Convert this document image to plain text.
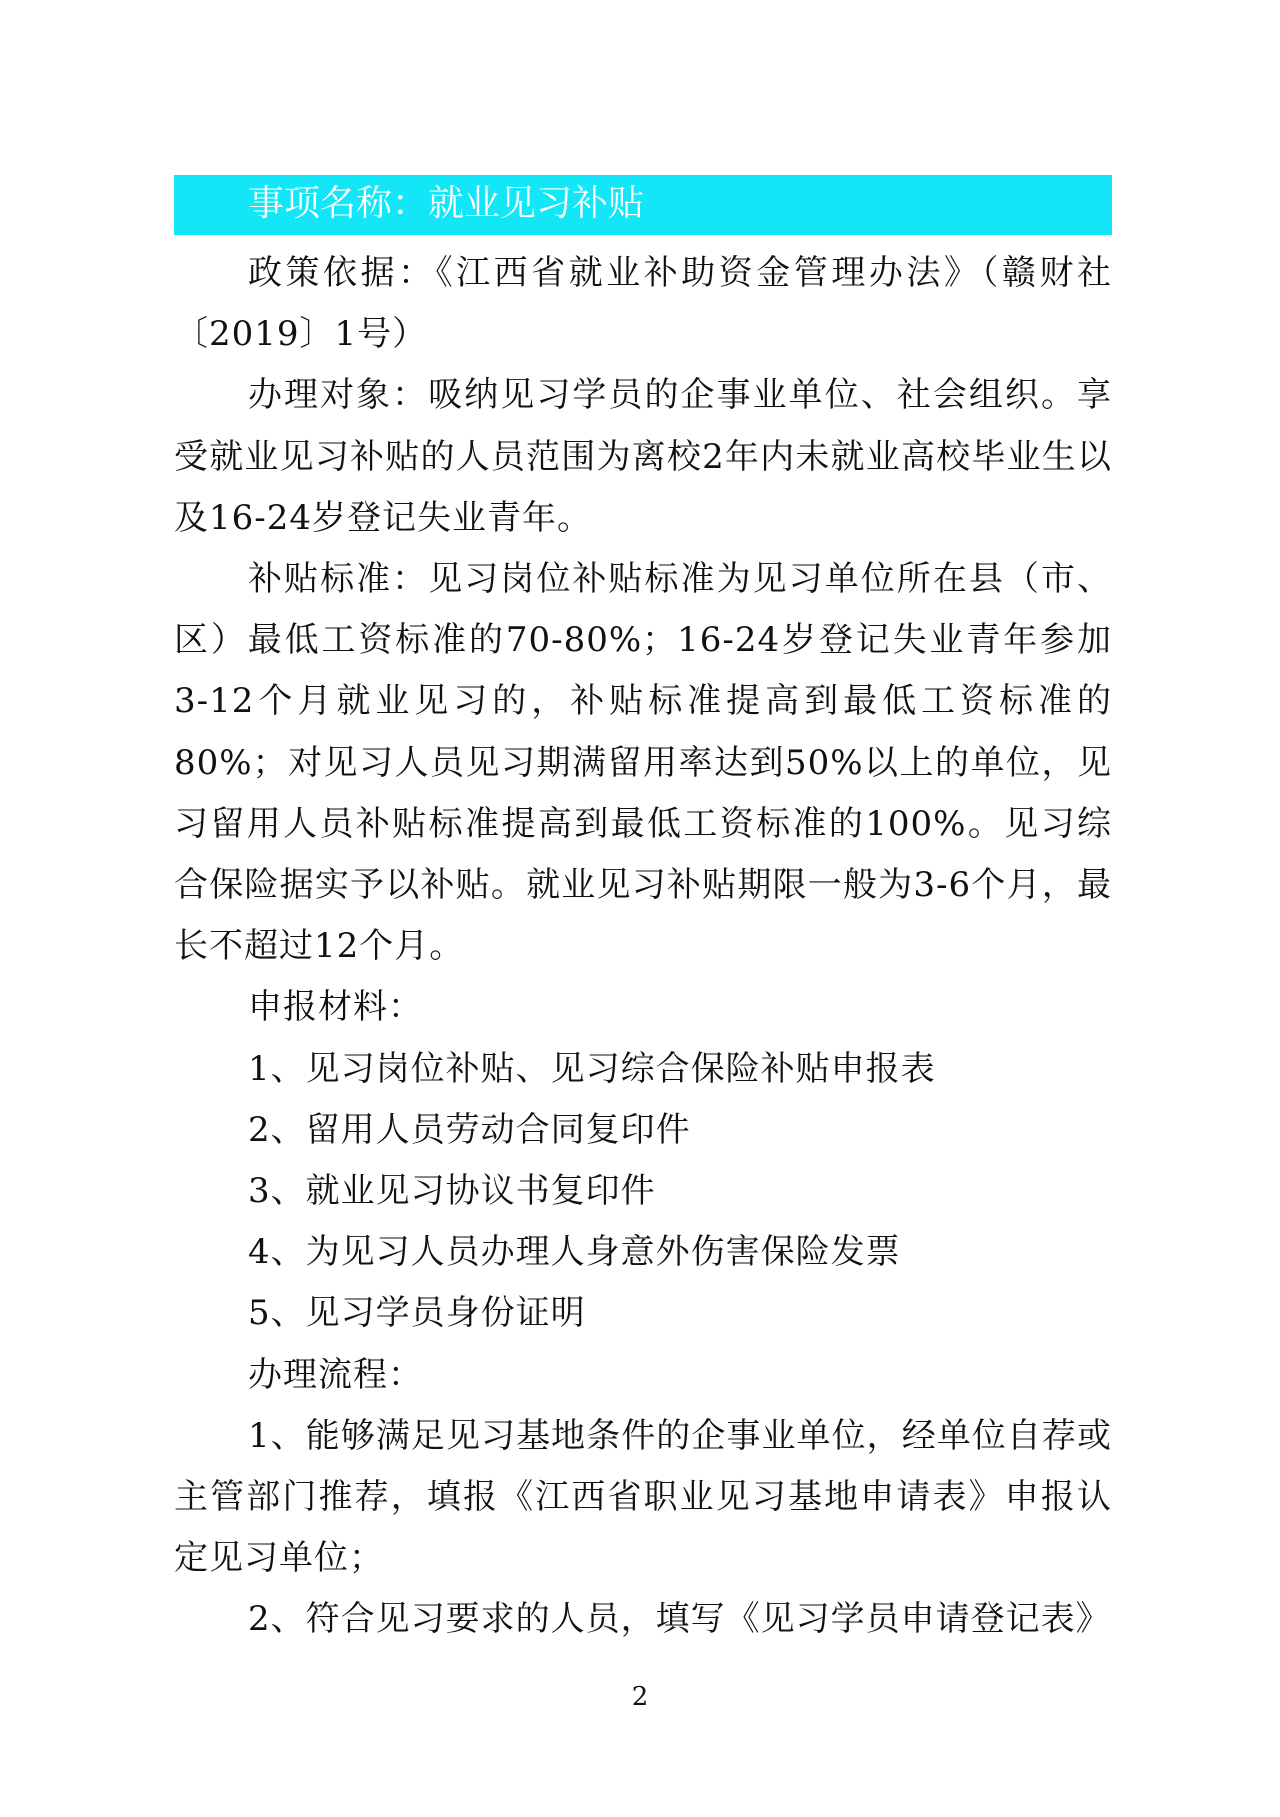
事项名称：就业见习补贴

政策依据：《江西省就业补助资金管理办法》（赣财社〔2019〕1号）

办理对象：吸纳见习学员的企事业单位、社会组织。享受就业见习补贴的人员范围为离校2年内未就业高校毕业生以及16-24岁登记失业青年。

补贴标准：见习岗位补贴标准为见习单位所在县（市、区）最低工资标准的70-80%；16-24岁登记失业青年参加3-12个月就业见习的，补贴标准提高到最低工资标准的80%；对见习人员见习期满留用率达到50%以上的单位，见习留用人员补贴标准提高到最低工资标准的100%。见习综合保险据实予以补贴。就业见习补贴期限一般为3-6个月，最长不超过12个月。

申报材料：

1、见习岗位补贴、见习综合保险补贴申报表

2、留用人员劳动合同复印件

3、就业见习协议书复印件

4、为见习人员办理人身意外伤害保险发票

5、见习学员身份证明

办理流程：

1、能够满足见习基地条件的企事业单位，经单位自荐或主管部门推荐，填报《江西省职业见习基地申请表》申报认定见习单位；

2、符合见习要求的人员，填写《见习学员申请登记表》

2
